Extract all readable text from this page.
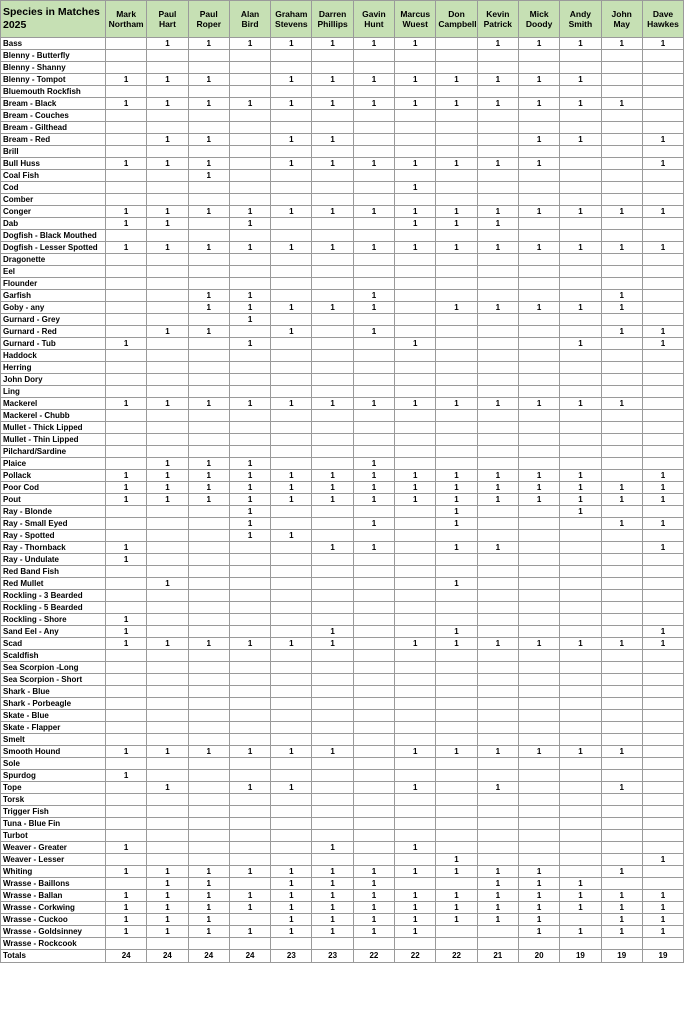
Species in Matches 2025	Mark Northam	Paul Hart	Paul Roper	Alan Bird	Graham Stevens	Darren Phillips	Gavin Hunt	Marcus Wuest	Don Campbell	Kevin Patrick	Mick Doody	Andy Smith	John May	Dave Hawkes
Bass		1	1	1	1	1	1	1		1	1	1	1	1
Blenny - Butterfly														
Blenny - Shanny														
Blenny - Tompot	1	1	1		1	1	1	1	1	1	1	1		
Bluemouth Rockfish														
Bream - Black	1	1	1	1	1	1	1	1	1	1	1	1	1	
Bream - Couches														
Bream - Gilthead														
Bream - Red		1	1		1	1					1	1		1
Brill														
Bull Huss	1	1	1		1	1	1	1	1	1	1			1
Coal Fish			1											
Cod								1						
Comber														
Conger	1	1	1	1	1	1	1	1	1	1	1	1	1	1
Dab	1	1		1				1	1	1				
Dogfish - Black Mouthed														
Dogfish - Lesser Spotted	1	1	1	1	1	1	1	1	1	1	1	1	1	1
Dragonette														
Eel														
Flounder														
Garfish			1	1			1						1	
Goby - any			1	1	1	1	1		1	1	1	1	1	
Gurnard - Grey				1										
Gurnard - Red		1	1		1		1						1	1
Gurnard - Tub	1			1				1				1		1
Haddock														
Herring														
John Dory														
Ling														
Mackerel	1	1	1	1	1	1	1	1	1	1	1	1	1	
Mackerel - Chubb														
Mullet - Thick Lipped														
Mullet - Thin Lipped														
Pilchard/Sardine														
Plaice		1	1	1			1							
Pollack	1	1	1	1	1	1	1	1	1	1	1	1		1
Poor Cod	1	1	1	1	1	1	1	1	1	1	1	1	1	1
Pout	1	1	1	1	1	1	1	1	1	1	1	1	1	1
Ray - Blonde				1					1			1		
Ray - Small Eyed				1			1		1				1	1
Ray - Spotted				1	1									
Ray - Thornback	1					1	1		1	1				1
Ray - Undulate	1													
Red Band Fish														
Red Mullet		1							1					
Rockling - 3 Bearded														
Rockling - 5 Bearded														
Rockling - Shore	1													
Sand Eel - Any	1					1			1					1
Scad	1	1	1	1	1	1		1	1	1	1	1	1	1
Scaldfish														
Sea Scorpion -Long														
Sea Scorpion - Short														
Shark - Blue														
Shark - Porbeagle														
Skate - Blue														
Skate - Flapper														
Smelt														
Smooth Hound	1	1	1	1	1	1		1	1	1	1	1	1	
Sole														
Spurdog	1													
Tope		1		1	1			1		1			1	
Torsk														
Trigger Fish														
Tuna - Blue Fin														
Turbot														
Weaver - Greater	1					1		1						
Weaver - Lesser									1					1
Whiting	1	1	1	1	1	1	1	1	1	1	1		1	
Wrasse - Baillons		1	1		1	1	1			1	1	1		
Wrasse - Ballan	1	1	1	1	1	1	1	1	1	1	1	1	1	1
Wrasse - Corkwing	1	1	1	1	1	1	1	1	1	1	1	1	1	1
Wrasse - Cuckoo	1	1	1		1	1	1	1	1	1	1		1	1
Wrasse - Goldsinney	1	1	1	1	1	1	1	1			1	1	1	1
Wrasse - Rockcook														
Totals	24	24	24	24	23	23	22	22	22	21	20	19	19	19
